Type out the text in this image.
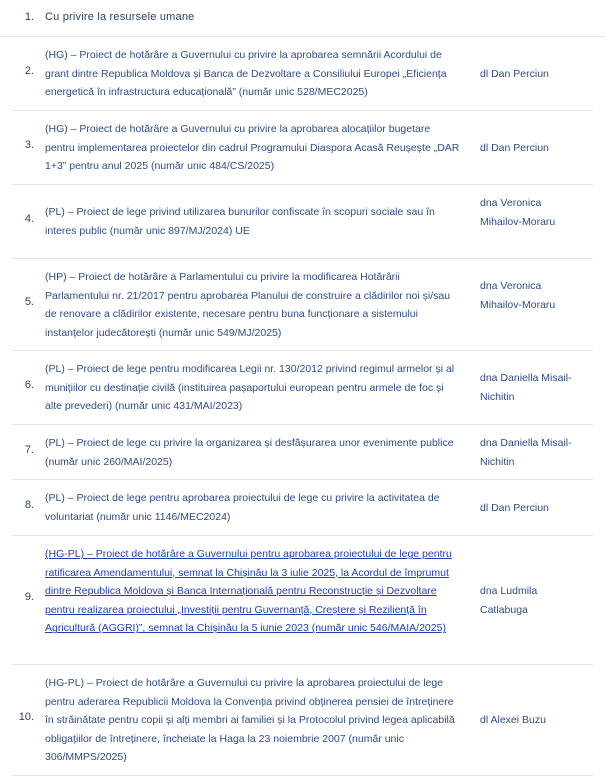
1. Cu privire la resursele umane
2.
(HG) – Proiect de hotărâre a Guvernului cu privire la aprobarea semnării Acordului de grant dintre Republica Moldova și Banca de Dezvoltare a Consiliului Europei „Eficiența energetică în infrastructura educațională” (număr unic 528/MEC2025)
dl Dan Perciun
3.
(HG) – Proiect de hotărâre a Guvernului cu privire la aprobarea alocațiilor bugetare pentru implementarea proiectelor din cadrul Programului Diaspora Acasă Reușește „DAR 1+3” pentru anul 2025 (număr unic 484/CS/2025)
dl Dan Perciun
4.
(PL) – Proiect de lege privind utilizarea bunurilor confiscate în scopuri sociale sau în interes public (număr unic 897/MJ/2024) UE
dna Veronica Mihailov-Moraru
5.
(HP) – Proiect de hotărâre a Parlamentului cu privire la modificarea Hotărârii Parlamentului nr. 21/2017 pentru aprobarea Planului de construire a clădirilor noi și/sau de renovare a clădirilor existente, necesare pentru buna funcționare a sistemului instanțelor judecătorești (număr unic 549/MJ/2025)
dna Veronica Mihailov-Moraru
6.
(PL) – Proiect de lege pentru modificarea Legii nr. 130/2012 privind regimul armelor și al munițiilor cu destinație civilă (instituirea pașaportului european pentru armele de foc și alte prevederi) (număr unic 431/MAI/2023)
dna Daniella Misail-Nichitin
7.
(PL) – Proiect de lege cu privire la organizarea și desfășurarea unor evenimente publice (număr unic 260/MAI/2025)
dna Daniella Misail-Nichitin
8.
(PL) – Proiect de lege pentru aprobarea proiectului de lege cu privire la activitatea de voluntariat (număr unic 1146/MEC2024)
dl Dan Perciun
9.
(HG-PL) – Proiect de hotărâre a Guvernului pentru aprobarea proiectului de lege pentru ratificarea Amendamentului, semnat la Chișinău la 3 iulie 2025, la Acordul de împrumut dintre Republica Moldova și Banca Internațională pentru Reconstrucție și Dezvoltare pentru realizarea proiectului „Investiții pentru Guvernanță, Creștere și Reziliență în Agricultură (AGGRI)”, semnat la Chișinău la 5 iunie 2023 (număr unic 546/MAIA/2025)
dna Ludmila Catlabuga
10.
(HG-PL) – Proiect de hotărâre a Guvernului cu privire la aprobarea proiectului de lege pentru aderarea Republicii Moldova la Convenția privind obținerea pensiei de întreținere în străinătate pentru copii și alți membri ai familiei și la Protocolul privind legea aplicabilă obligațiilor de întreținere, încheiate la Haga la 23 noiembrie 2007 (număr unic 306/MMPS/2025)
dl Alexei Buzu
